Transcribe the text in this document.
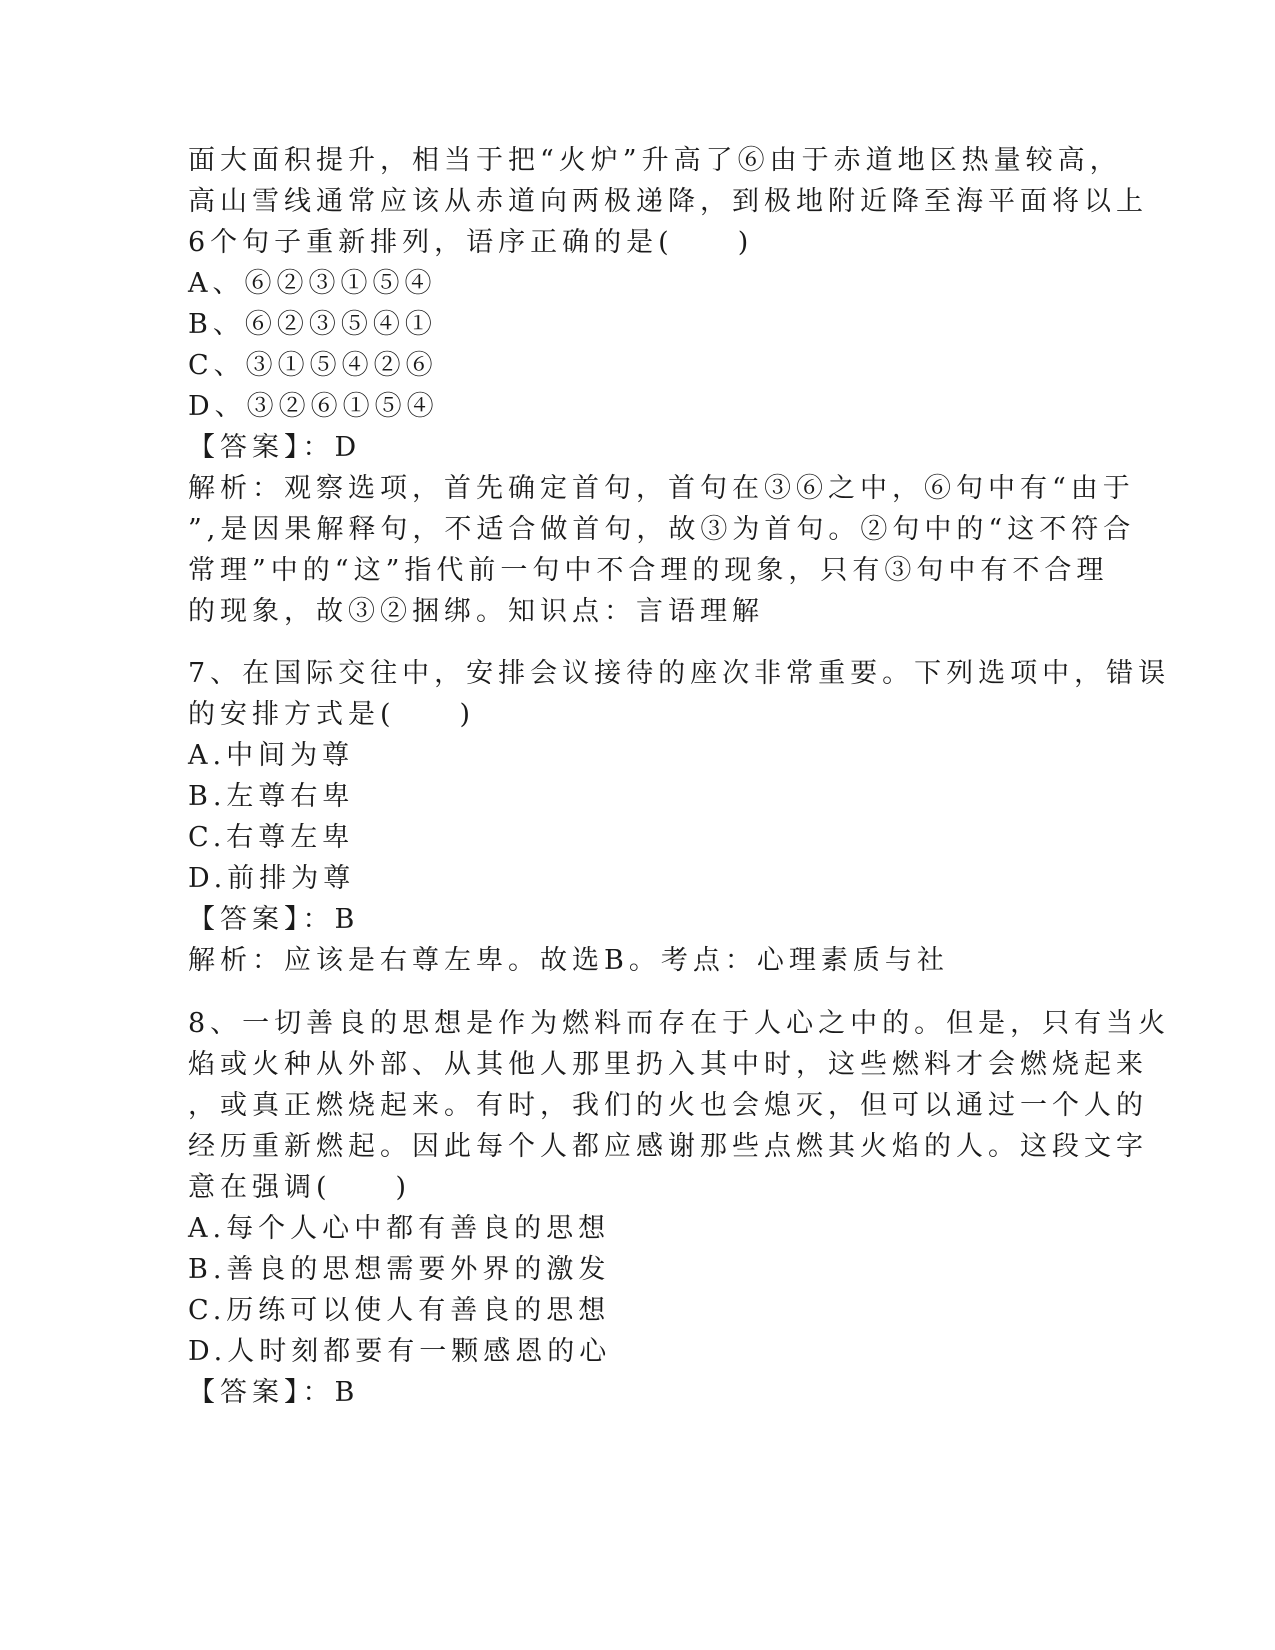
面大面积提升，相当于把“火炉”升高了⑥由于赤道地区热量较高，
高山雪线通常应该从赤道向两极递降，到极地附近降至海平面将以上
6个句子重新排列，语序正确的是(　　)
A、⑥②③①⑤④
B、⑥②③⑤④①
C、③①⑤④②⑥
D、③②⑥①⑤④
【答案】：D
解析：观察选项，首先确定首句，首句在③⑥之中，⑥句中有“由于
”,是因果解释句，不适合做首句，故③为首句。②句中的“这不符合
常理”中的“这”指代前一句中不合理的现象，只有③句中有不合理
的现象，故③②捆绑。知识点：言语理解
7、在国际交往中，安排会议接待的座次非常重要。下列选项中，错误
的安排方式是(　　)
A.中间为尊
B.左尊右卑
C.右尊左卑
D.前排为尊
【答案】：B
解析：应该是右尊左卑。故选B。考点：心理素质与社
8、一切善良的思想是作为燃料而存在于人心之中的。但是，只有当火
焰或火种从外部、从其他人那里扔入其中时，这些燃料才会燃烧起来
，或真正燃烧起来。有时，我们的火也会熄灭，但可以通过一个人的
经历重新燃起。因此每个人都应感谢那些点燃其火焰的人。这段文字
意在强调(　　)
A.每个人心中都有善良的思想
B.善良的思想需要外界的激发
C.历练可以使人有善良的思想
D.人时刻都要有一颗感恩的心
【答案】：B
